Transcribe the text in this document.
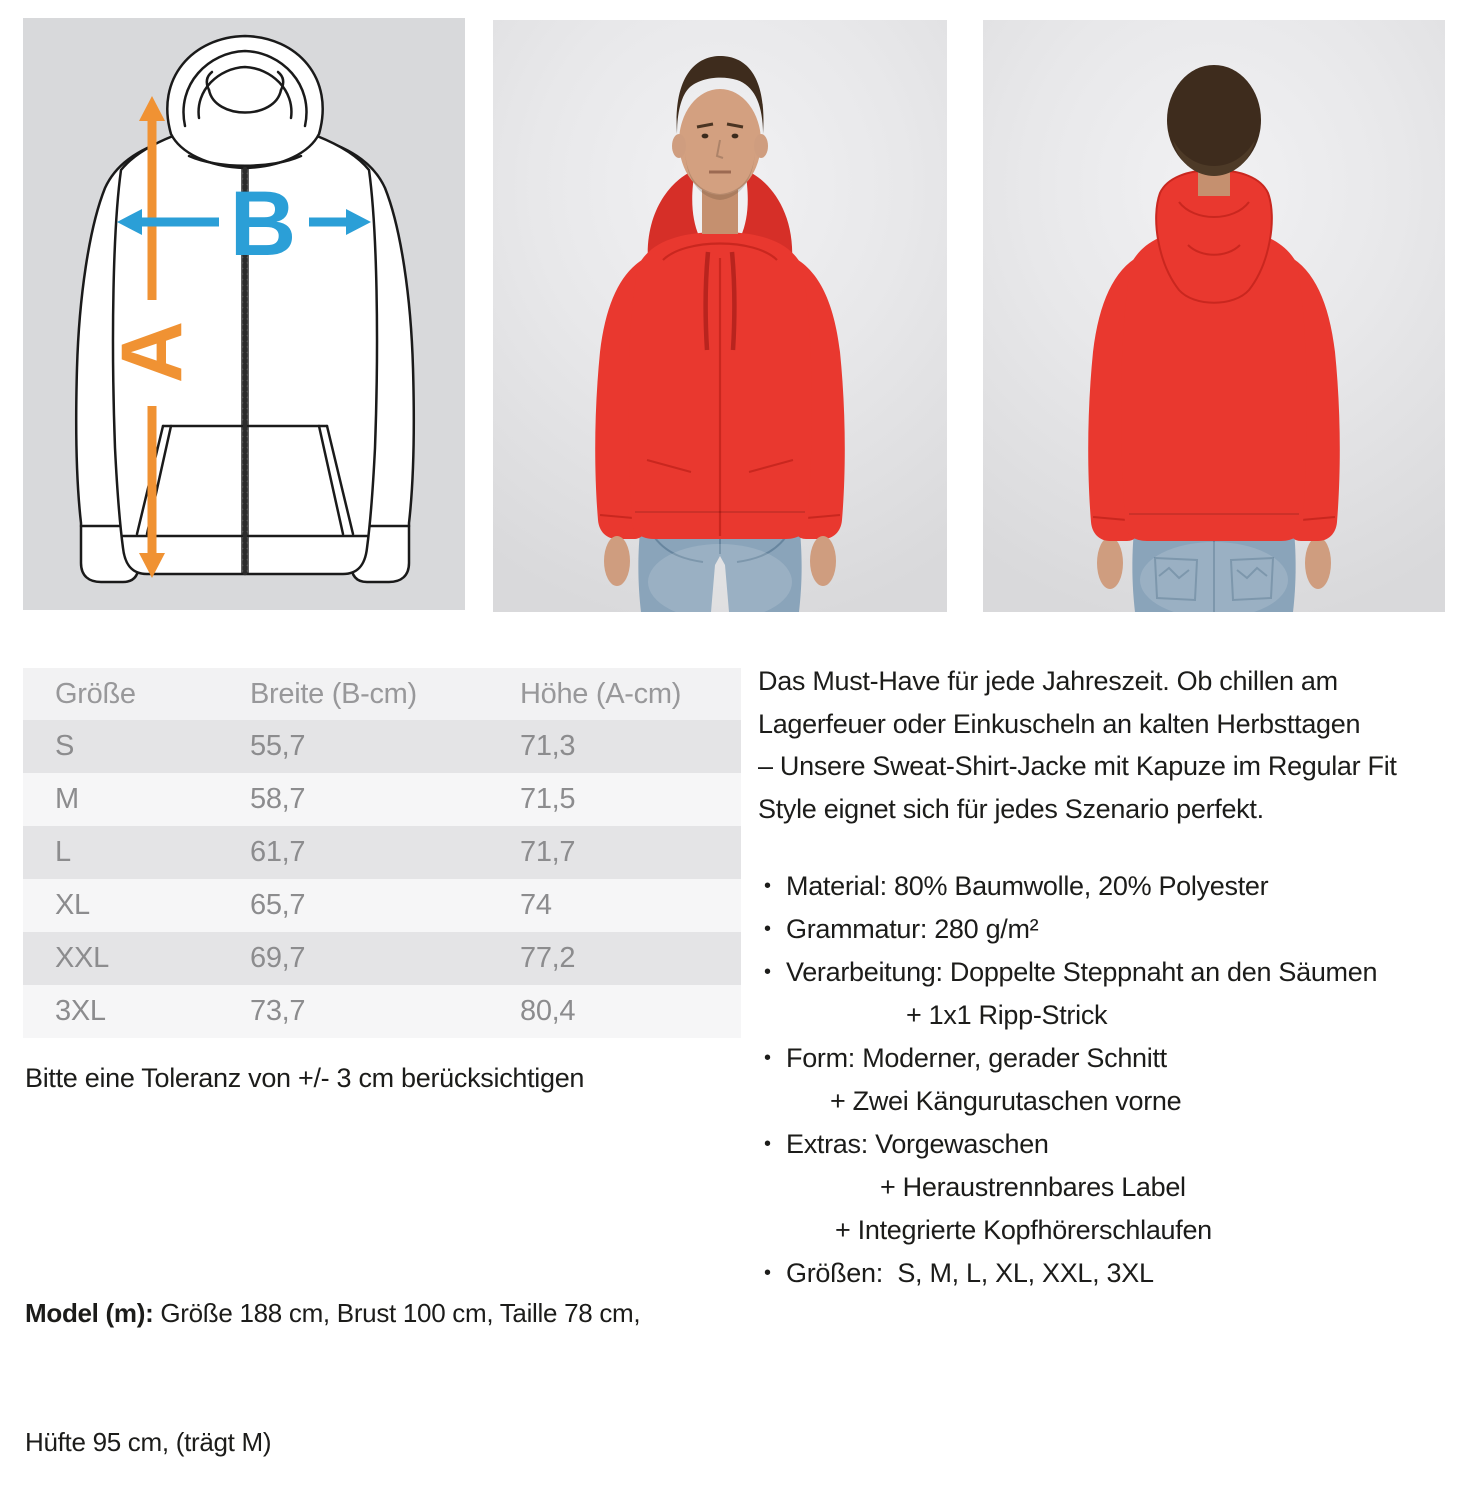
A
B
Größe	Breite (B-cm)	Höhe (A-cm)
S	55,7	71,3
M	58,7	71,5
L	61,7	71,7
XL	65,7	74
XXL	69,7	77,2
3XL	73,7	80,4
Bitte eine Toleranz von +/- 3 cm berücksichtigen

Model (m): Größe 188 cm, Brust 100 cm, Taille 78 cm,

Hüfte 95 cm, (trägt M)

Das Must-Have für jede Jahreszeit. Ob chillen am
Lagerfeuer oder Einkuscheln an kalten Herbsttagen
– Unsere Sweat-Shirt-Jacke mit Kapuze im Regular Fit
Style eignet sich für jedes Szenario perfekt.
• Material: 80% Baumwolle, 20% Polyester
• Grammatur: 280 g/m²
• Verarbeitung: Doppelte Steppnaht an den Säumen
+ 1x1 Ripp-Strick
• Form: Moderner, gerader Schnitt
+ Zwei Kängurutaschen vorne
• Extras: Vorgewaschen
+ Heraustrennbares Label
+ Integrierte Kopfhörerschlaufen
• Größen:  S, M, L, XL, XXL, 3XL
